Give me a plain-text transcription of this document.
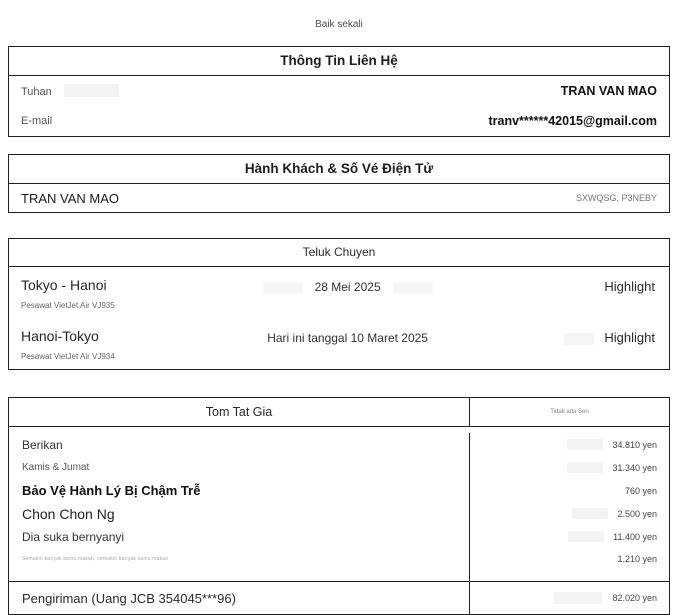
Baik sekali
Thông Tin Liên Hệ
Tuhan	TRAN VAN MAO
E-mail	tranv******42015@gmail.com
Hành Khách & Số Vé Điện Tử
TRAN VAN MAO	SXWQSG, P3NEBY
Teluk Chuyen
Tokyo - Hanoi
Pesawat VietJet Air VJ935
28 Mei 2025	Highlight
Hanoi-Tokyo
Pesawat VietJet Air VJ934
Hari ini tanggal 10 Maret 2025	Highlight
Tom Tat Gia	Tidak ada Sen
Berikan	34.810 yen
Kamis & Jumat	31.340 yen
Bảo Vệ Hành Lý Bị Chậm Trễ	760 yen
Chon Chon Ng	2.500 yen
Dia suka bernyanyi	11.400 yen
Semakin banyak kamu makan, semakin banyak kamu makan	1.210 yen
Pengiriman (Uang JCB 354045***96)	82.020 yen
